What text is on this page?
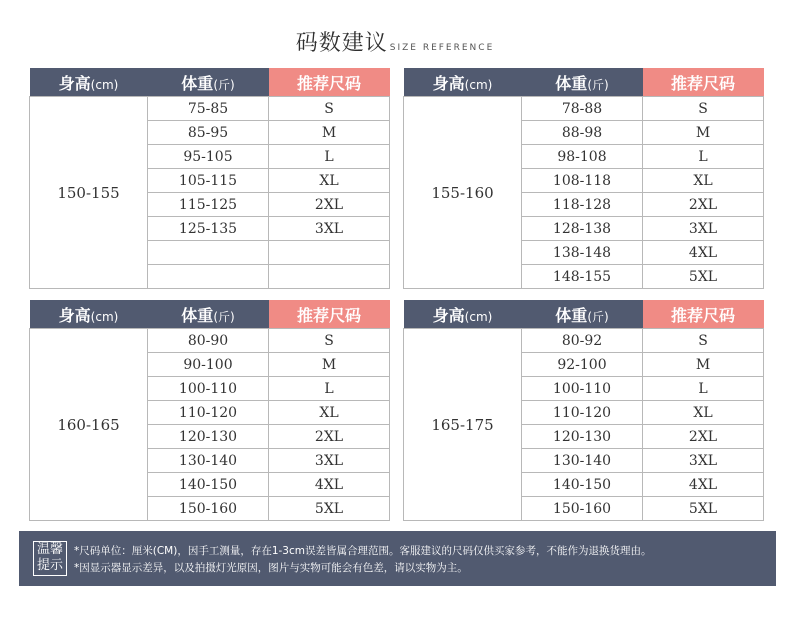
码数建议 SIZE REFERENCE
身高(cm)	体重(斤)	推荐尺码
150-155	75-85	S
	85-95	M
	95-105	L
	105-115	XL
	115-125	2XL
	125-135	3XL

身高(cm)	体重(斤)	推荐尺码
155-160	78-88	S
	88-98	M
	98-108	L
	108-118	XL
	118-128	2XL
	128-138	3XL
	138-148	4XL
	148-155	5XL
身高(cm)	体重(斤)	推荐尺码
160-165	80-90	S
	90-100	M
	100-110	L
	110-120	XL
	120-130	2XL
	130-140	3XL
	140-150	4XL
	150-160	5XL
身高(cm)	体重(斤)	推荐尺码
165-175	80-92	S
	92-100	M
	100-110	L
	110-120	XL
	120-130	2XL
	130-140	3XL
	140-150	4XL
	150-160	5XL
温馨
提示
*尺码单位：厘米(CM)，因手工测量，存在1-3cm误差皆属合理范围。客服建议的尺码仅供买家参考，不能作为退换货理由。
*因显示器显示差异，以及拍摄灯光原因，图片与实物可能会有色差，请以实物为主。
